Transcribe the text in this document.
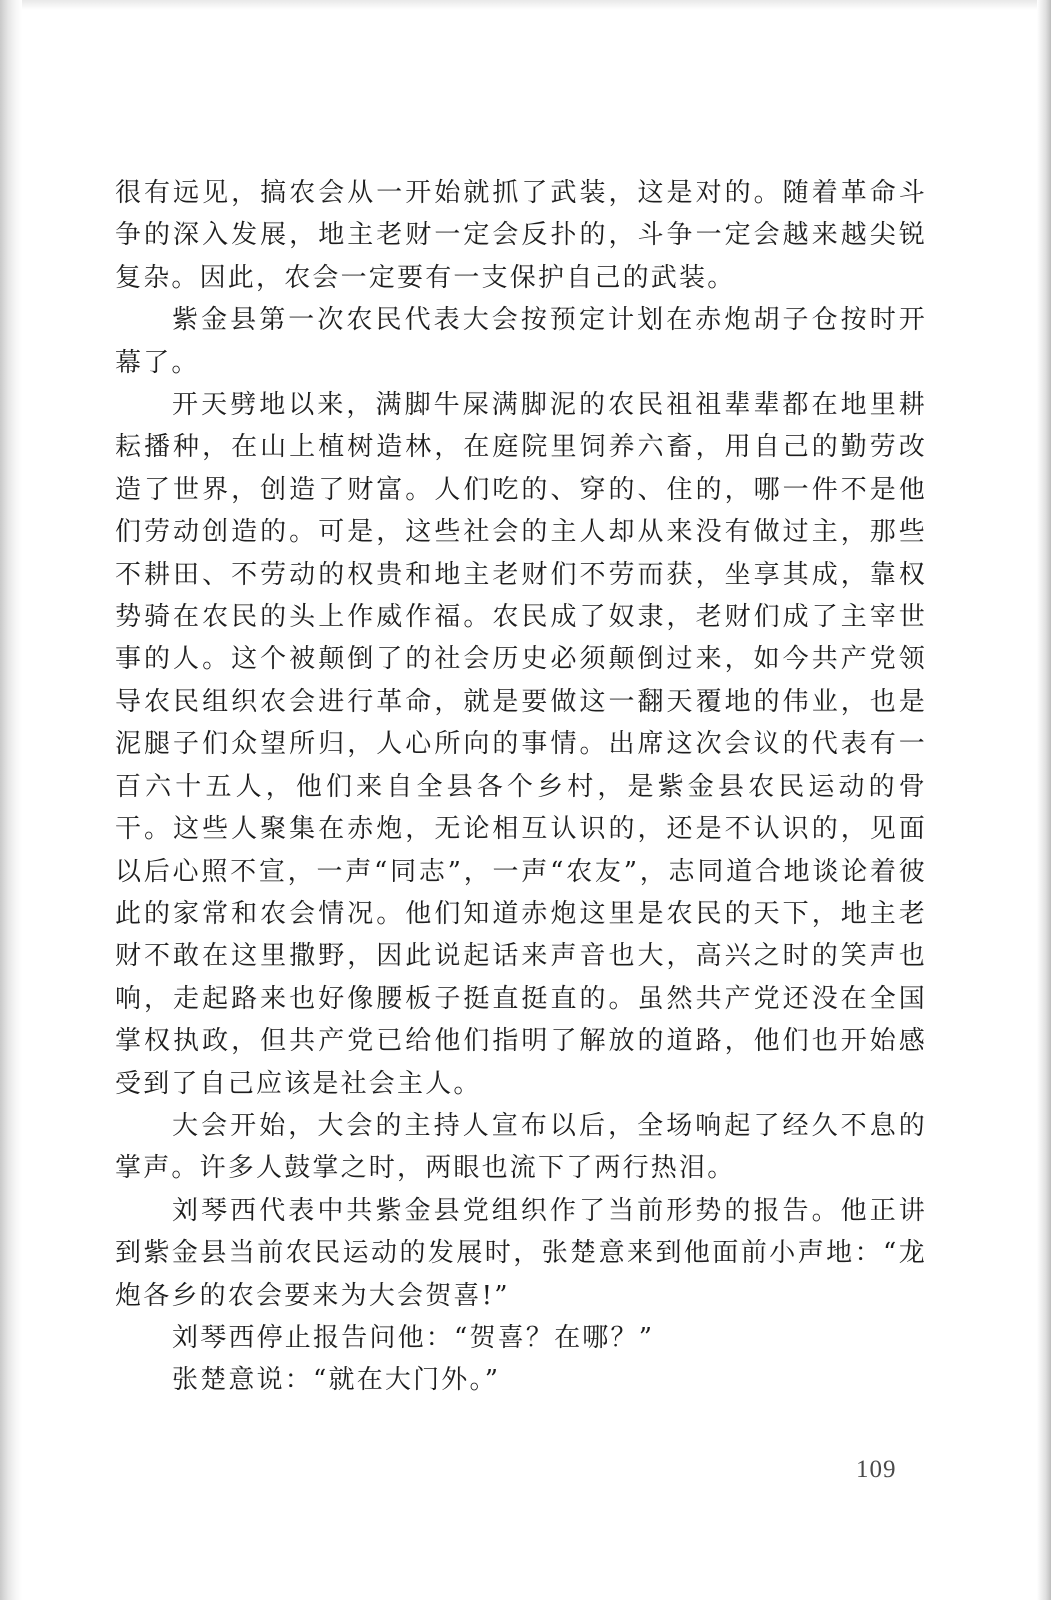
很有远见，搞农会从一开始就抓了武装，这是对的。随着革命斗争的深入发展，地主老财一定会反扑的，斗争一定会越来越尖锐复杂。因此，农会一定要有一支保护自己的武装。

紫金县第一次农民代表大会按预定计划在赤炮胡子仓按时开幕了。

开天劈地以来，满脚牛屎满脚泥的农民祖祖辈辈都在地里耕耘播种，在山上植树造林，在庭院里饲养六畜，用自己的勤劳改造了世界，创造了财富。人们吃的、穿的、住的，哪一件不是他们劳动创造的。可是，这些社会的主人却从来没有做过主，那些不耕田、不劳动的权贵和地主老财们不劳而获，坐享其成，靠权势骑在农民的头上作威作福。农民成了奴隶，老财们成了主宰世事的人。这个被颠倒了的社会历史必须颠倒过来，如今共产党领导农民组织农会进行革命，就是要做这一翻天覆地的伟业，也是泥腿子们众望所归，人心所向的事情。出席这次会议的代表有一百六十五人，他们来自全县各个乡村，是紫金县农民运动的骨干。这些人聚集在赤炮，无论相互认识的，还是不认识的，见面以后心照不宣，一声“同志”，一声“农友”，志同道合地谈论着彼此的家常和农会情况。他们知道赤炮这里是农民的天下，地主老财不敢在这里撒野，因此说起话来声音也大，高兴之时的笑声也响，走起路来也好像腰板子挺直挺直的。虽然共产党还没在全国掌权执政，但共产党已给他们指明了解放的道路，他们也开始感受到了自己应该是社会主人。

大会开始，大会的主持人宣布以后，全场响起了经久不息的掌声。许多人鼓掌之时，两眼也流下了两行热泪。

刘琴西代表中共紫金县党组织作了当前形势的报告。他正讲到紫金县当前农民运动的发展时，张楚意来到他面前小声地：“龙炮各乡的农会要来为大会贺喜!”

刘琴西停止报告问他：“贺喜？在哪？”

张楚意说：“就在大门外。”

109
